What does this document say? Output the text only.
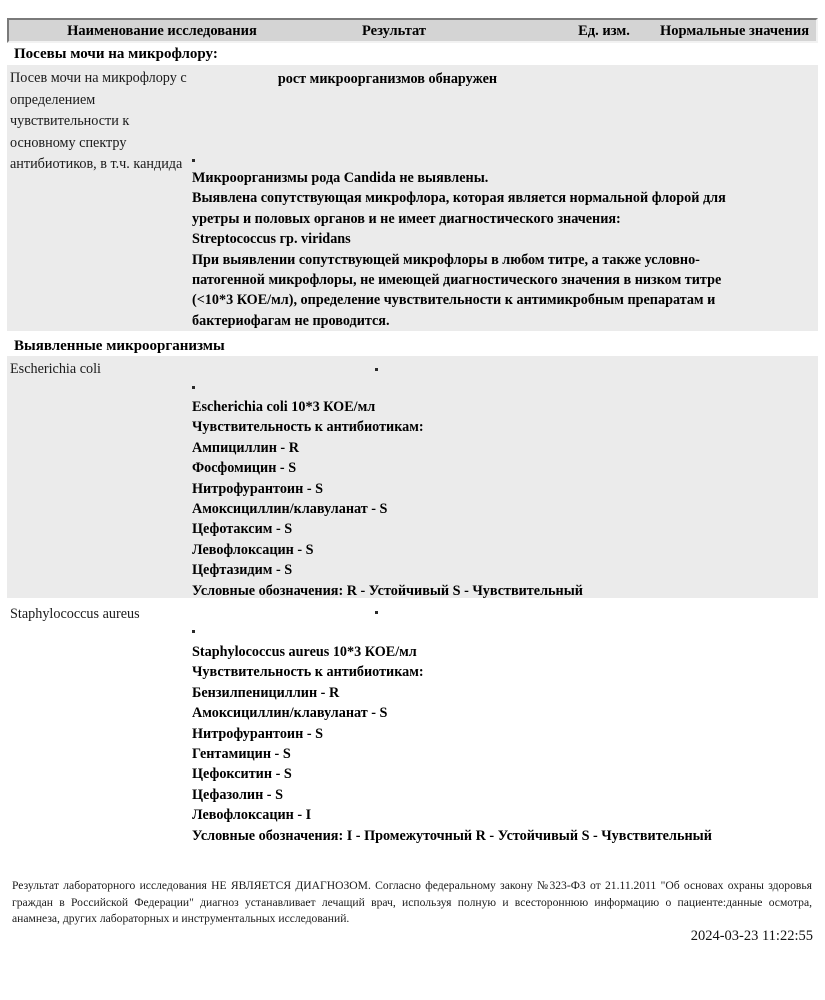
Наименование исследования	Результат	Ед. изм.	Нормальные значения
Посевы мочи на микрофлору:
Посев мочи на микрофлору с определением чувствительности к основному спектру антибиотиков, в т.ч. кандида
рост микроорганизмов обнаружен
Микроорганизмы рода Candida не выявлены.
Выявлена сопутствующая микрофлора, которая является нормальной флорой для уретры и половых органов и не имеет диагностического значения:
Streptococcus гр. viridans
При выявлении сопутствующей микрофлоры в любом титре, а также условно-патогенной микрофлоры, не имеющей диагностического значения в низком титре (<10*3 КОЕ/мл), определение чувствительности к антимикробным препаратам и бактериофагам не проводится.
Выявленные микроорганизмы
Escherichia coli
Escherichia coli 10*3 КОЕ/мл
Чувствительность к антибиотикам:
Ампициллин - R
Фосфомицин - S
Нитрофурантоин - S
Амоксициллин/клавуланат - S
Цефотаксим - S
Левофлоксацин - S
Цефтазидим - S
Условные обозначения: R - Устойчивый S - Чувствительный
Staphylococcus aureus
Staphylococcus aureus 10*3 КОЕ/мл
Чувствительность к антибиотикам:
Бензилпенициллин - R
Амоксициллин/клавуланат - S
Нитрофурантоин - S
Гентамицин - S
Цефокситин - S
Цефазолин - S
Левофлоксацин - I
Условные обозначения: I - Промежуточный R - Устойчивый S - Чувствительный
Результат лабораторного исследования НЕ ЯВЛЯЕТСЯ ДИАГНОЗОМ. Согласно федеральному закону №323-ФЗ от 21.11.2011 "Об основах охраны здоровья граждан в Российской Федерации" диагноз устанавливает лечащий врач, используя полную и всестороннюю информацию о пациенте:данные осмотра, анамнеза, других лабораторных и инструментальных исследований.
2024-03-23 11:22:55
